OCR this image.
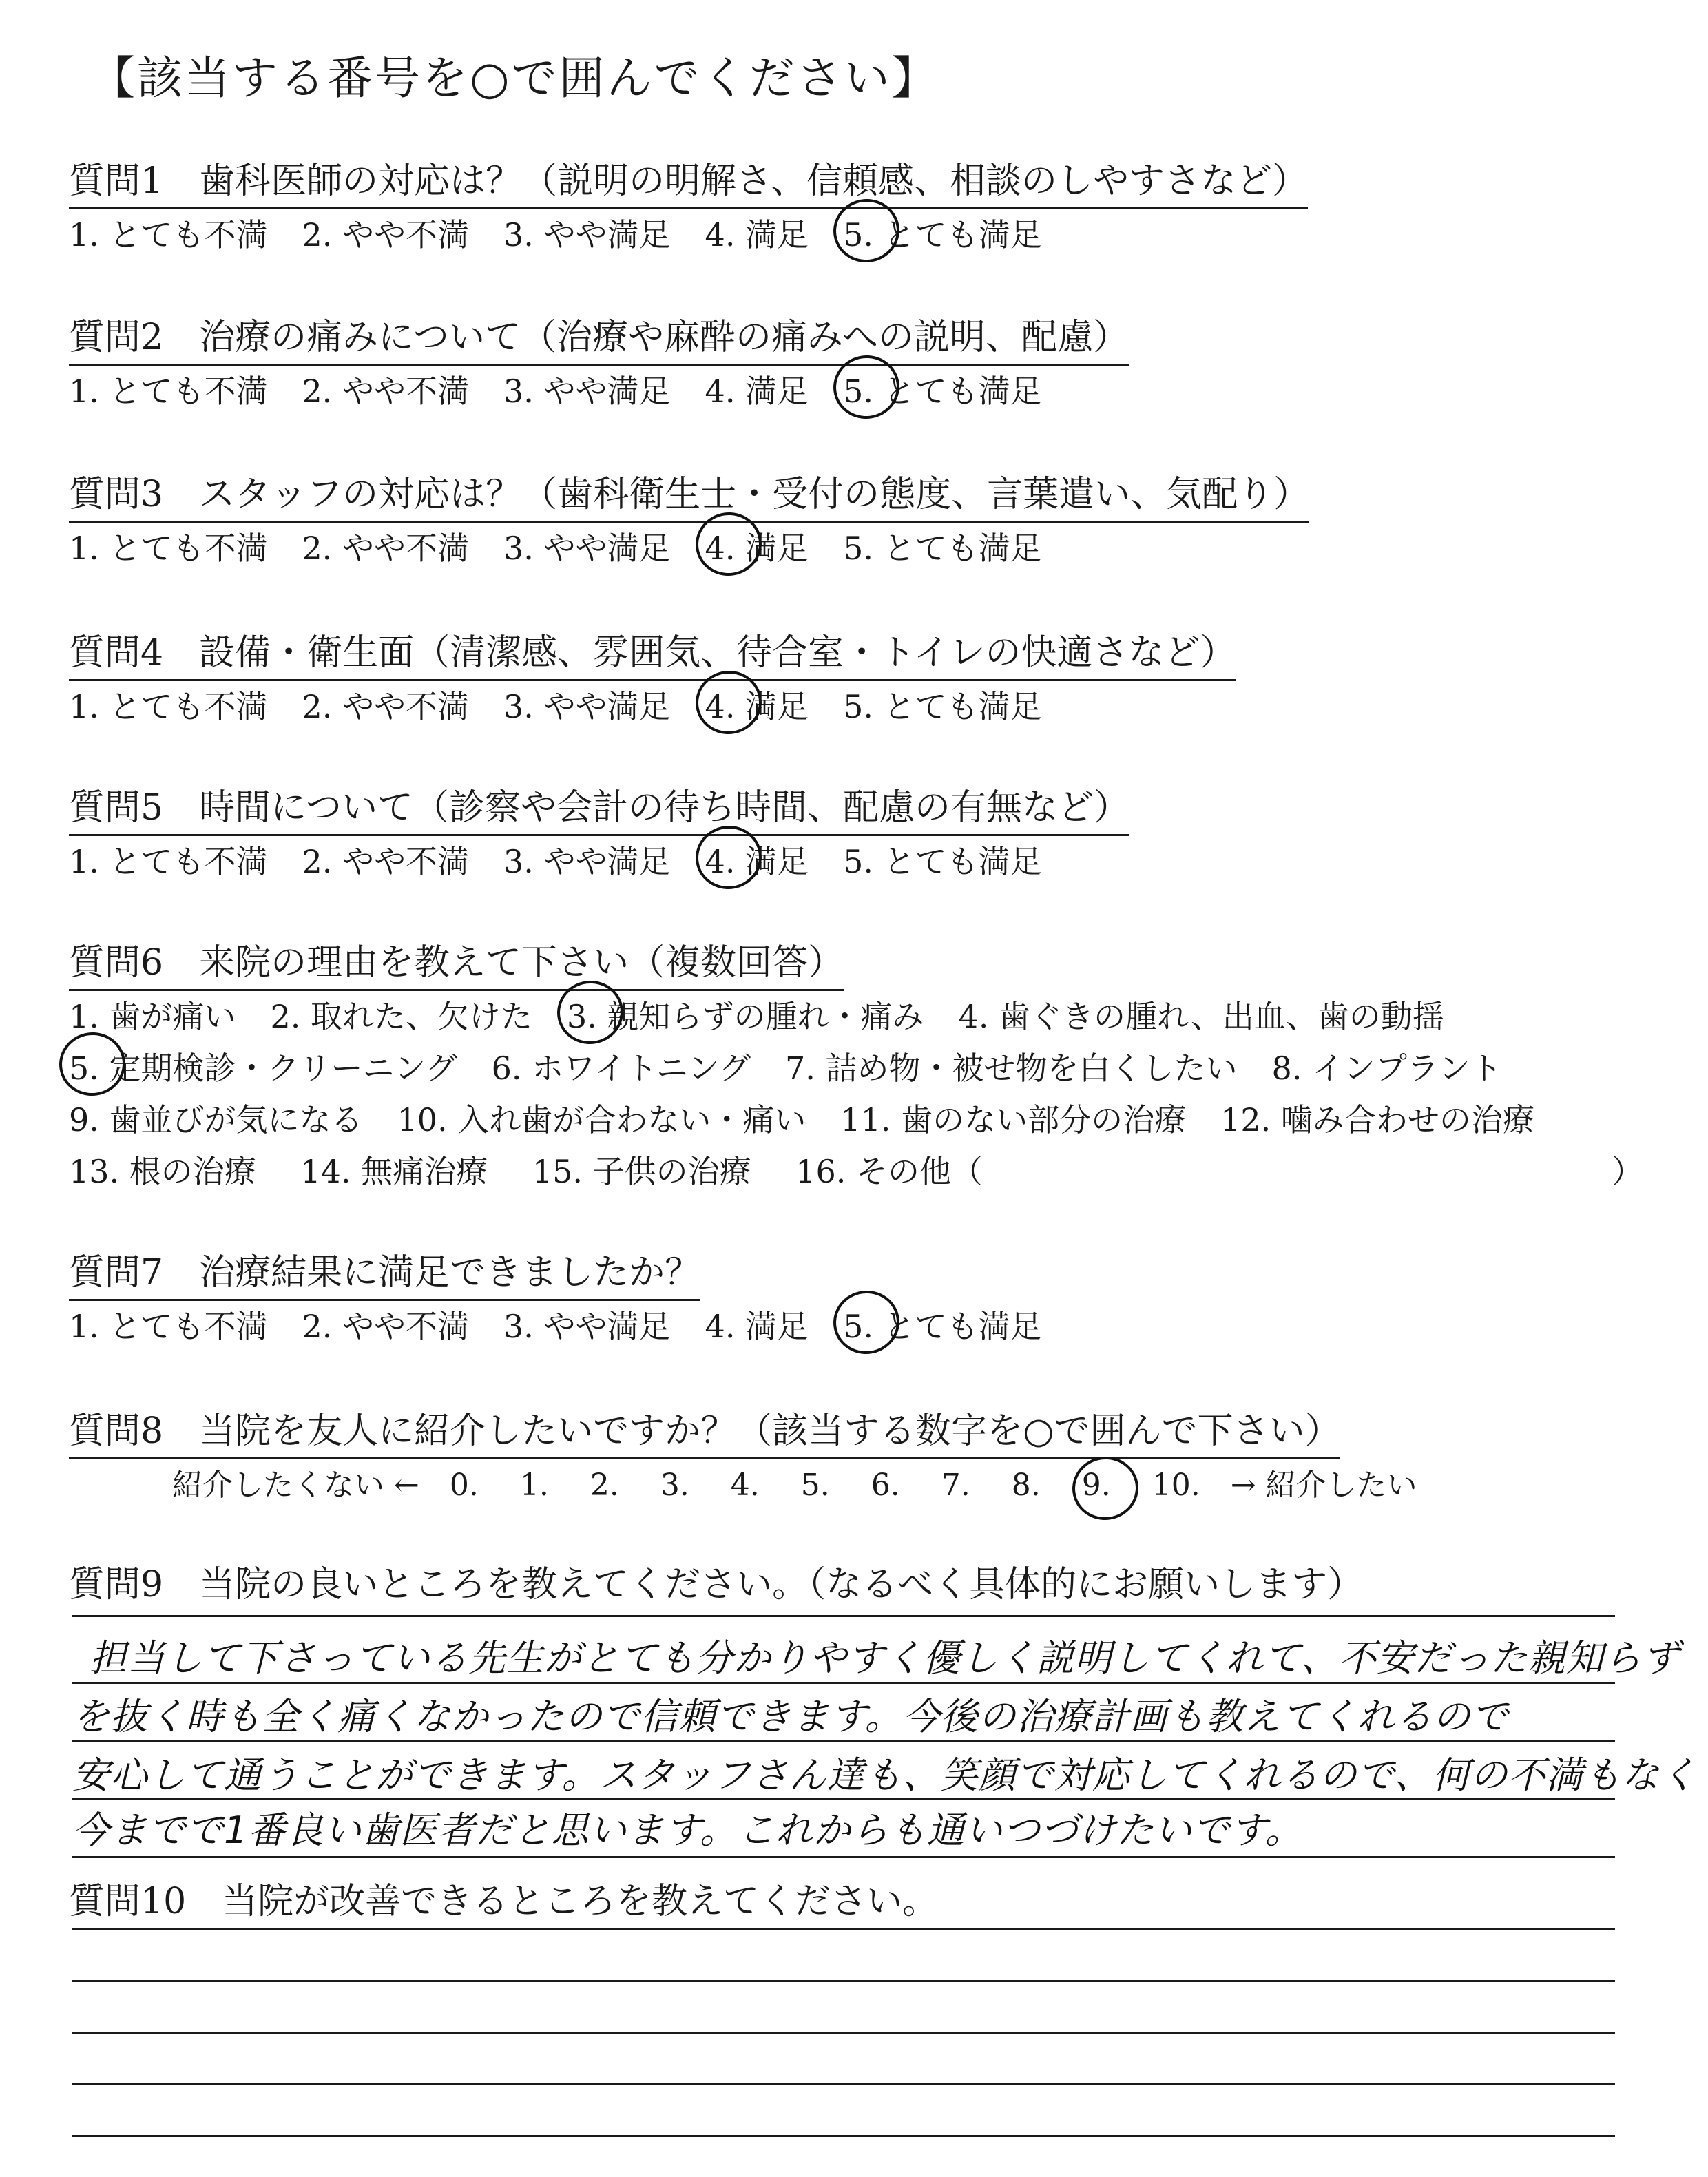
【該当する番号を○で囲んでください】
質問1　歯科医師の対応は？（説明の明解さ、信頼感、相談のしやすさなど）
1. とても不満 2. やや不満 3. やや満足 4. 満足 5. とても満足
質問2　治療の痛みについて（治療や麻酔の痛みへの説明、配慮）
1. とても不満 2. やや不満 3. やや満足 4. 満足 5. とても満足
質問3　スタッフの対応は？（歯科衛生士・受付の態度、言葉遣い、気配り）
1. とても不満 2. やや不満 3. やや満足 4. 満足 5. とても満足
質問4　設備・衛生面（清潔感、雰囲気、待合室・トイレの快適さなど）
1. とても不満 2. やや不満 3. やや満足 4. 満足 5. とても満足
質問5　時間について（診察や会計の待ち時間、配慮の有無など）
1. とても不満 2. やや不満 3. やや満足 4. 満足 5. とても満足
質問6　来院の理由を教えて下さい（複数回答）
1. 歯が痛い 2. 取れた、欠けた 3. 親知らずの腫れ・痛み 4. 歯ぐきの腫れ、出血、歯の動揺
5. 定期検診・クリーニング 6. ホワイトニング 7. 詰め物・被せ物を白くしたい 8. インプラント
9. 歯並びが気になる 10. 入れ歯が合わない・痛い 11. 歯のない部分の治療 12. 噛み合わせの治療
13. 根の治療 14. 無痛治療 15. 子供の治療 16. その他（	）
質問7　治療結果に満足できましたか？
1. とても不満 2. やや不満 3. やや満足 4. 満足 5. とても満足
質問8　当院を友人に紹介したいですか？（該当する数字を○で囲んで下さい）
紹介したくない ← 0. 1. 2. 3. 4. 5. 6. 7. 8. 9. 10. → 紹介したい
質問9　当院の良いところを教えてください。（なるべく具体的にお願いします）
担当して下さっている先生がとても分かりやすく優しく説明してくれて、不安だった親知らず
を抜く時も全く痛くなかったので信頼できます。今後の治療計画も教えてくれるので
安心して通うことができます。スタッフさん達も、笑顔で対応してくれるので、何の不満もなく
今までで1番良い歯医者だと思います。これからも通いつづけたいです。
質問10　当院が改善できるところを教えてください。
